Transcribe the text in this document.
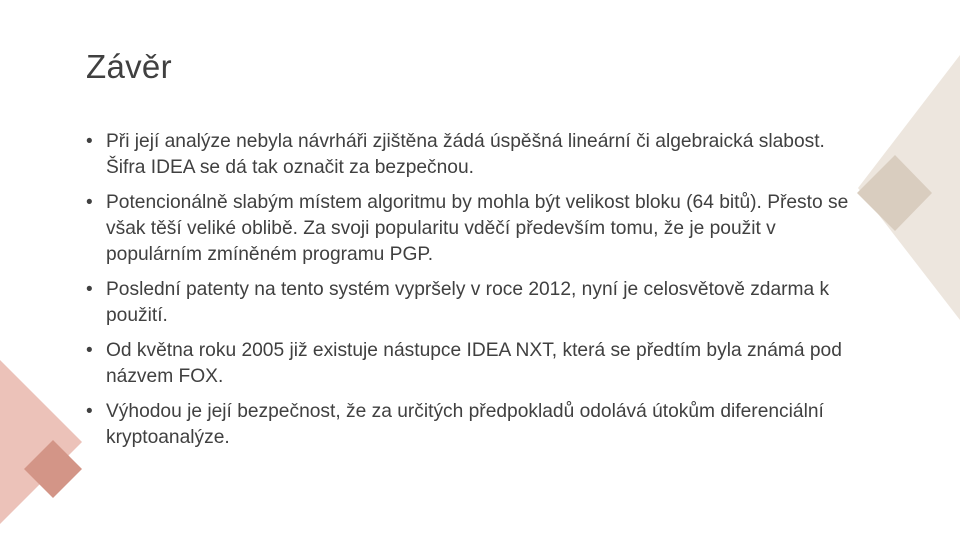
Závěr
• Při její analýze nebyla návrháři zjištěna žádá úspěšná lineární či algebraická slabost. Šifra IDEA se dá tak označit za bezpečnou.
• Potencionálně slabým místem algoritmu by mohla být velikost bloku (64 bitů). Přesto se však těší veliké oblibě. Za svoji popularitu vděčí především tomu, že je použit v populárním zmíněném programu PGP.
• Poslední patenty na tento systém vypršely v roce 2012, nyní je celosvětově zdarma k použití.
• Od května roku 2005 již existuje nástupce IDEA NXT, která se předtím byla známá pod názvem FOX.
• Výhodou je její bezpečnost, že za určitých předpokladů odolává útokům diferenciální kryptoanalýze.
